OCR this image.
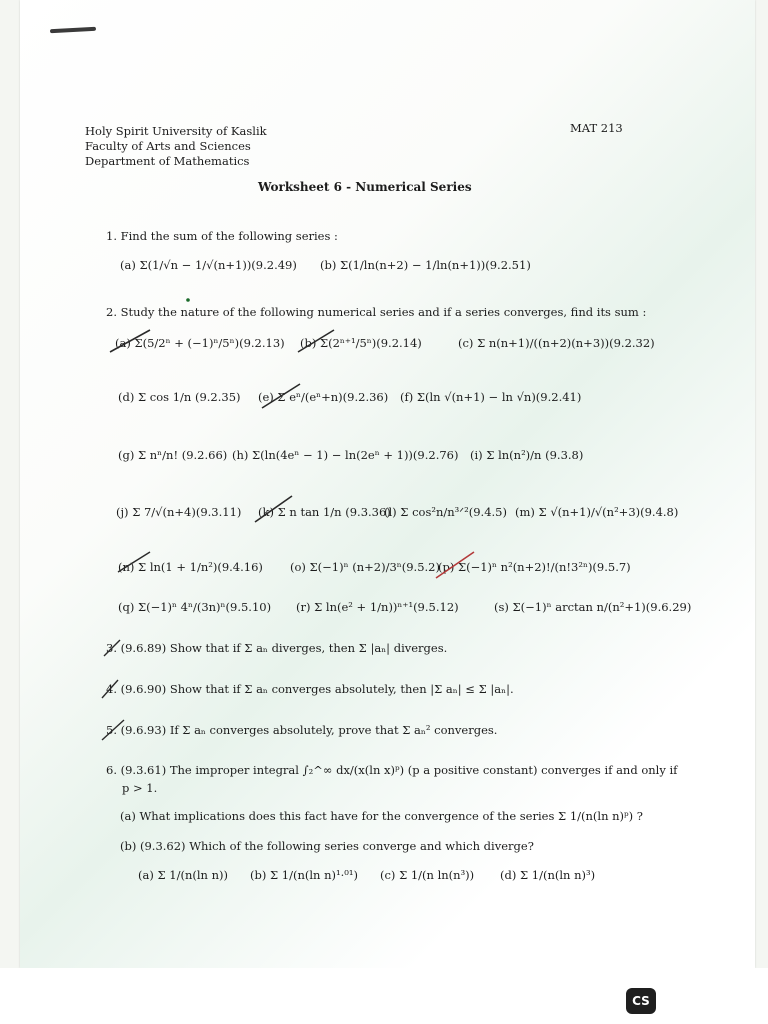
Holy Spirit University of Kaslik
Faculty of Arts and Sciences
Department of Mathematics
MAT 213
Worksheet 6 - Numerical Series
1. Find the sum of the following series :
(a) Σ(1/√n − 1/√(n+1))(9.2.49) (b) Σ(1/ln(n+2) − 1/ln(n+1))(9.2.51)
2. Study the nature of the following numerical series and if a series converges, find its sum :
(a) Σ(5/2ⁿ + (−1)ⁿ/5ⁿ)(9.2.13) (b) Σ(2ⁿ⁺¹/5ⁿ)(9.2.14)	(c) Σ n(n+1)/((n+2)(n+3))(9.2.32)
(d) Σ cos 1/n (9.2.35) (e) Σ eⁿ/(eⁿ+n)(9.2.36) (f) Σ(ln √(n+1) − ln √n)(9.2.41)
(g) Σ nⁿ/n! (9.2.66) (h) Σ(ln(4eⁿ − 1) − ln(2eⁿ + 1))(9.2.76) (i) Σ ln(n²)/n (9.3.8)
(j) Σ 7/√(n+4)(9.3.11) (k) Σ n tan 1/n (9.3.36)
(l) Σ cos²n/n³ᐟ²(9.4.5) (m) Σ √(n+1)/√(n²+3)(9.4.8)
(n) Σ ln(1 + 1/n²)(9.4.16) (o) Σ(−1)ⁿ (n+2)/3ⁿ(9.5.2)
(p) Σ(−1)ⁿ n²(n+2)!/(n!3²ⁿ)(9.5.7)
(q) Σ(−1)ⁿ 4ⁿ/(3n)ⁿ(9.5.10) (r) Σ ln(e² + 1/n))ⁿ⁺¹(9.5.12)	(s) Σ(−1)ⁿ arctan n/(n²+1)(9.6.29)
3. (9.6.89) Show that if Σ aₙ diverges, then Σ |aₙ| diverges.
4. (9.6.90) Show that if Σ aₙ converges absolutely, then |Σ aₙ| ≤ Σ |aₙ|.
5. (9.6.93) If Σ aₙ converges absolutely, prove that Σ aₙ² converges.
6. (9.3.61) The improper integral ∫₂^∞ dx/(x(ln x)ᵖ) (p a positive constant) converges if and only if
p > 1.
(a) What implications does this fact have for the convergence of the series Σ 1/(n(ln n)ᵖ) ?
(b) (9.3.62) Which of the following series converge and which diverge?
(a) Σ 1/(n(ln n)) (b) Σ 1/(n(ln n)¹·⁰¹) (c) Σ 1/(n ln(n³)) (d) Σ 1/(n(ln n)³)
CS
